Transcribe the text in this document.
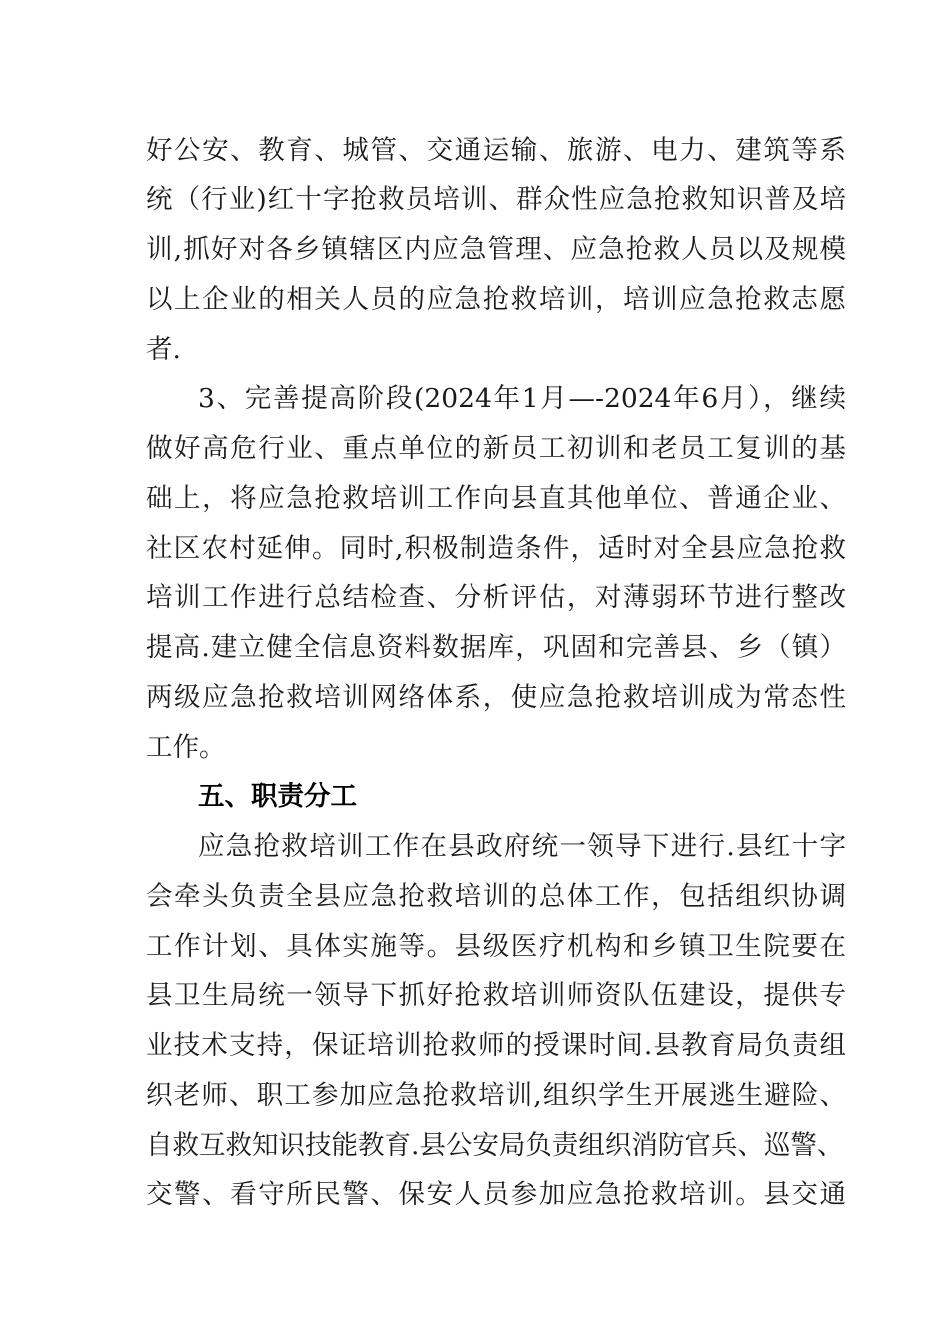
好公安、教育、城管、交通运输、旅游、电力、建筑等系

统（行业)红十字抢救员培训、群众性应急抢救知识普及培

训,抓好对各乡镇辖区内应急管理、应急抢救人员以及规模

以上企业的相关人员的应急抢救培训，培训应急抢救志愿

者.

3、完善提高阶段(2024年1月—-2024年6月），继续

做好高危行业、重点单位的新员工初训和老员工复训的基

础上，将应急抢救培训工作向县直其他单位、普通企业、

社区农村延伸。同时,积极制造条件，适时对全县应急抢救

培训工作进行总结检查、分析评估，对薄弱环节进行整改

提高.建立健全信息资料数据库，巩固和完善县、乡（镇）

两级应急抢救培训网络体系，使应急抢救培训成为常态性

工作。

五、职责分工

应急抢救培训工作在县政府统一领导下进行.县红十字

会牵头负责全县应急抢救培训的总体工作，包括组织协调

工作计划、具体实施等。县级医疗机构和乡镇卫生院要在

县卫生局统一领导下抓好抢救培训师资队伍建设，提供专

业技术支持，保证培训抢救师的授课时间.县教育局负责组

织老师、职工参加应急抢救培训,组织学生开展逃生避险、

自救互救知识技能教育.县公安局负责组织消防官兵、巡警、

交警、看守所民警、保安人员参加应急抢救培训。县交通
